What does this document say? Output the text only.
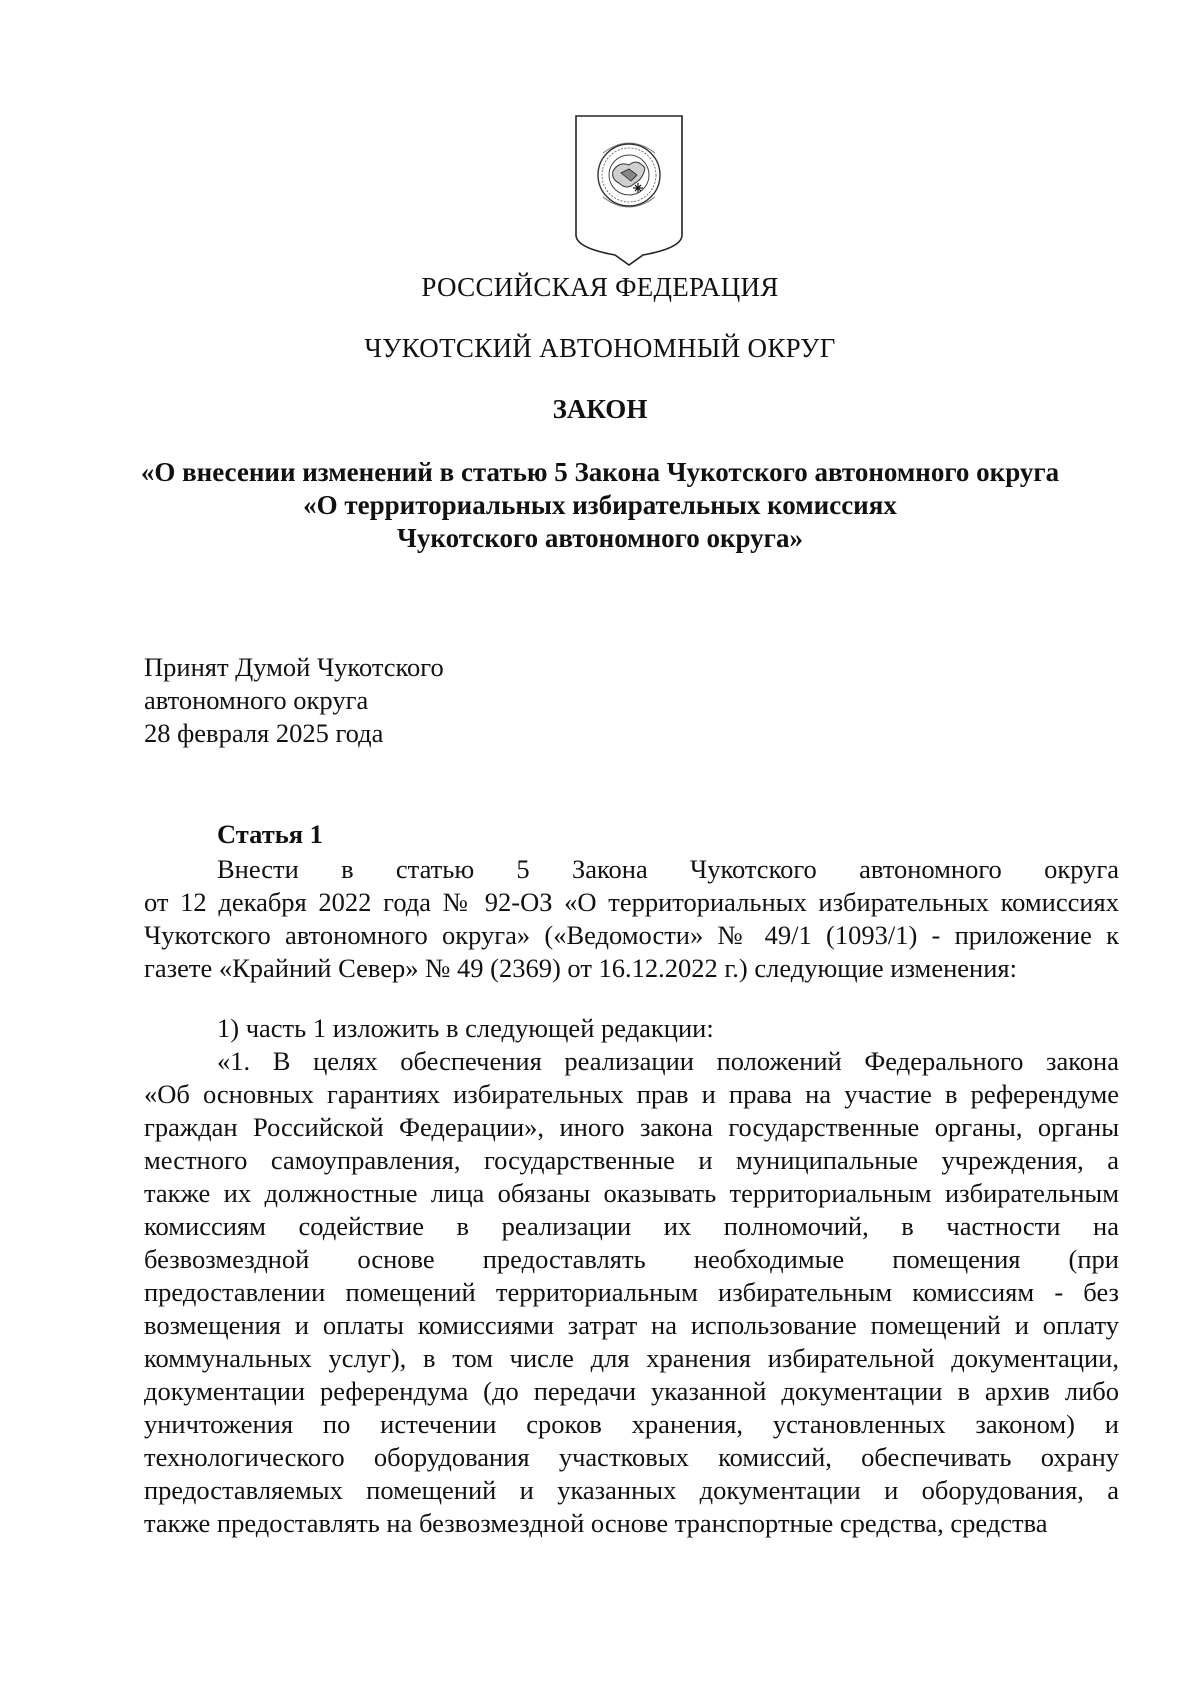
РОССИЙСКАЯ ФЕДЕРАЦИЯ
ЧУКОТСКИЙ АВТОНОМНЫЙ ОКРУГ
ЗАКОН
«О внесении изменений в статью 5 Закона Чукотского автономного округа
«О территориальных избирательных комиссиях
Чукотского автономного округа»
Принят Думой Чукотского
автономного округа
28 февраля 2025 года
Статья 1
Внести в статью 5 Закона Чукотского автономного округа
от 12 декабря 2022 года № 92-ОЗ «О территориальных избирательных комиссиях
Чукотского автономного округа» («Ведомости» № 49/1 (1093/1) - приложение к
газете «Крайний Север» № 49 (2369) от 16.12.2022 г.) следующие изменения:
1) часть 1 изложить в следующей редакции:
«1. В целях обеспечения реализации положений Федерального закона
«Об основных гарантиях избирательных прав и права на участие в референдуме
граждан Российской Федерации», иного закона государственные органы, органы
местного самоуправления, государственные и муниципальные учреждения, а
также их должностные лица обязаны оказывать территориальным избирательным
комиссиям содействие в реализации их полномочий, в частности на
безвозмездной основе предоставлять необходимые помещения (при
предоставлении помещений территориальным избирательным комиссиям - без
возмещения и оплаты комиссиями затрат на использование помещений и оплату
коммунальных услуг), в том числе для хранения избирательной документации,
документации референдума (до передачи указанной документации в архив либо
уничтожения по истечении сроков хранения, установленных законом) и
технологического оборудования участковых комиссий, обеспечивать охрану
предоставляемых помещений и указанных документации и оборудования, а
также предоставлять на безвозмездной основе транспортные средства, средства
